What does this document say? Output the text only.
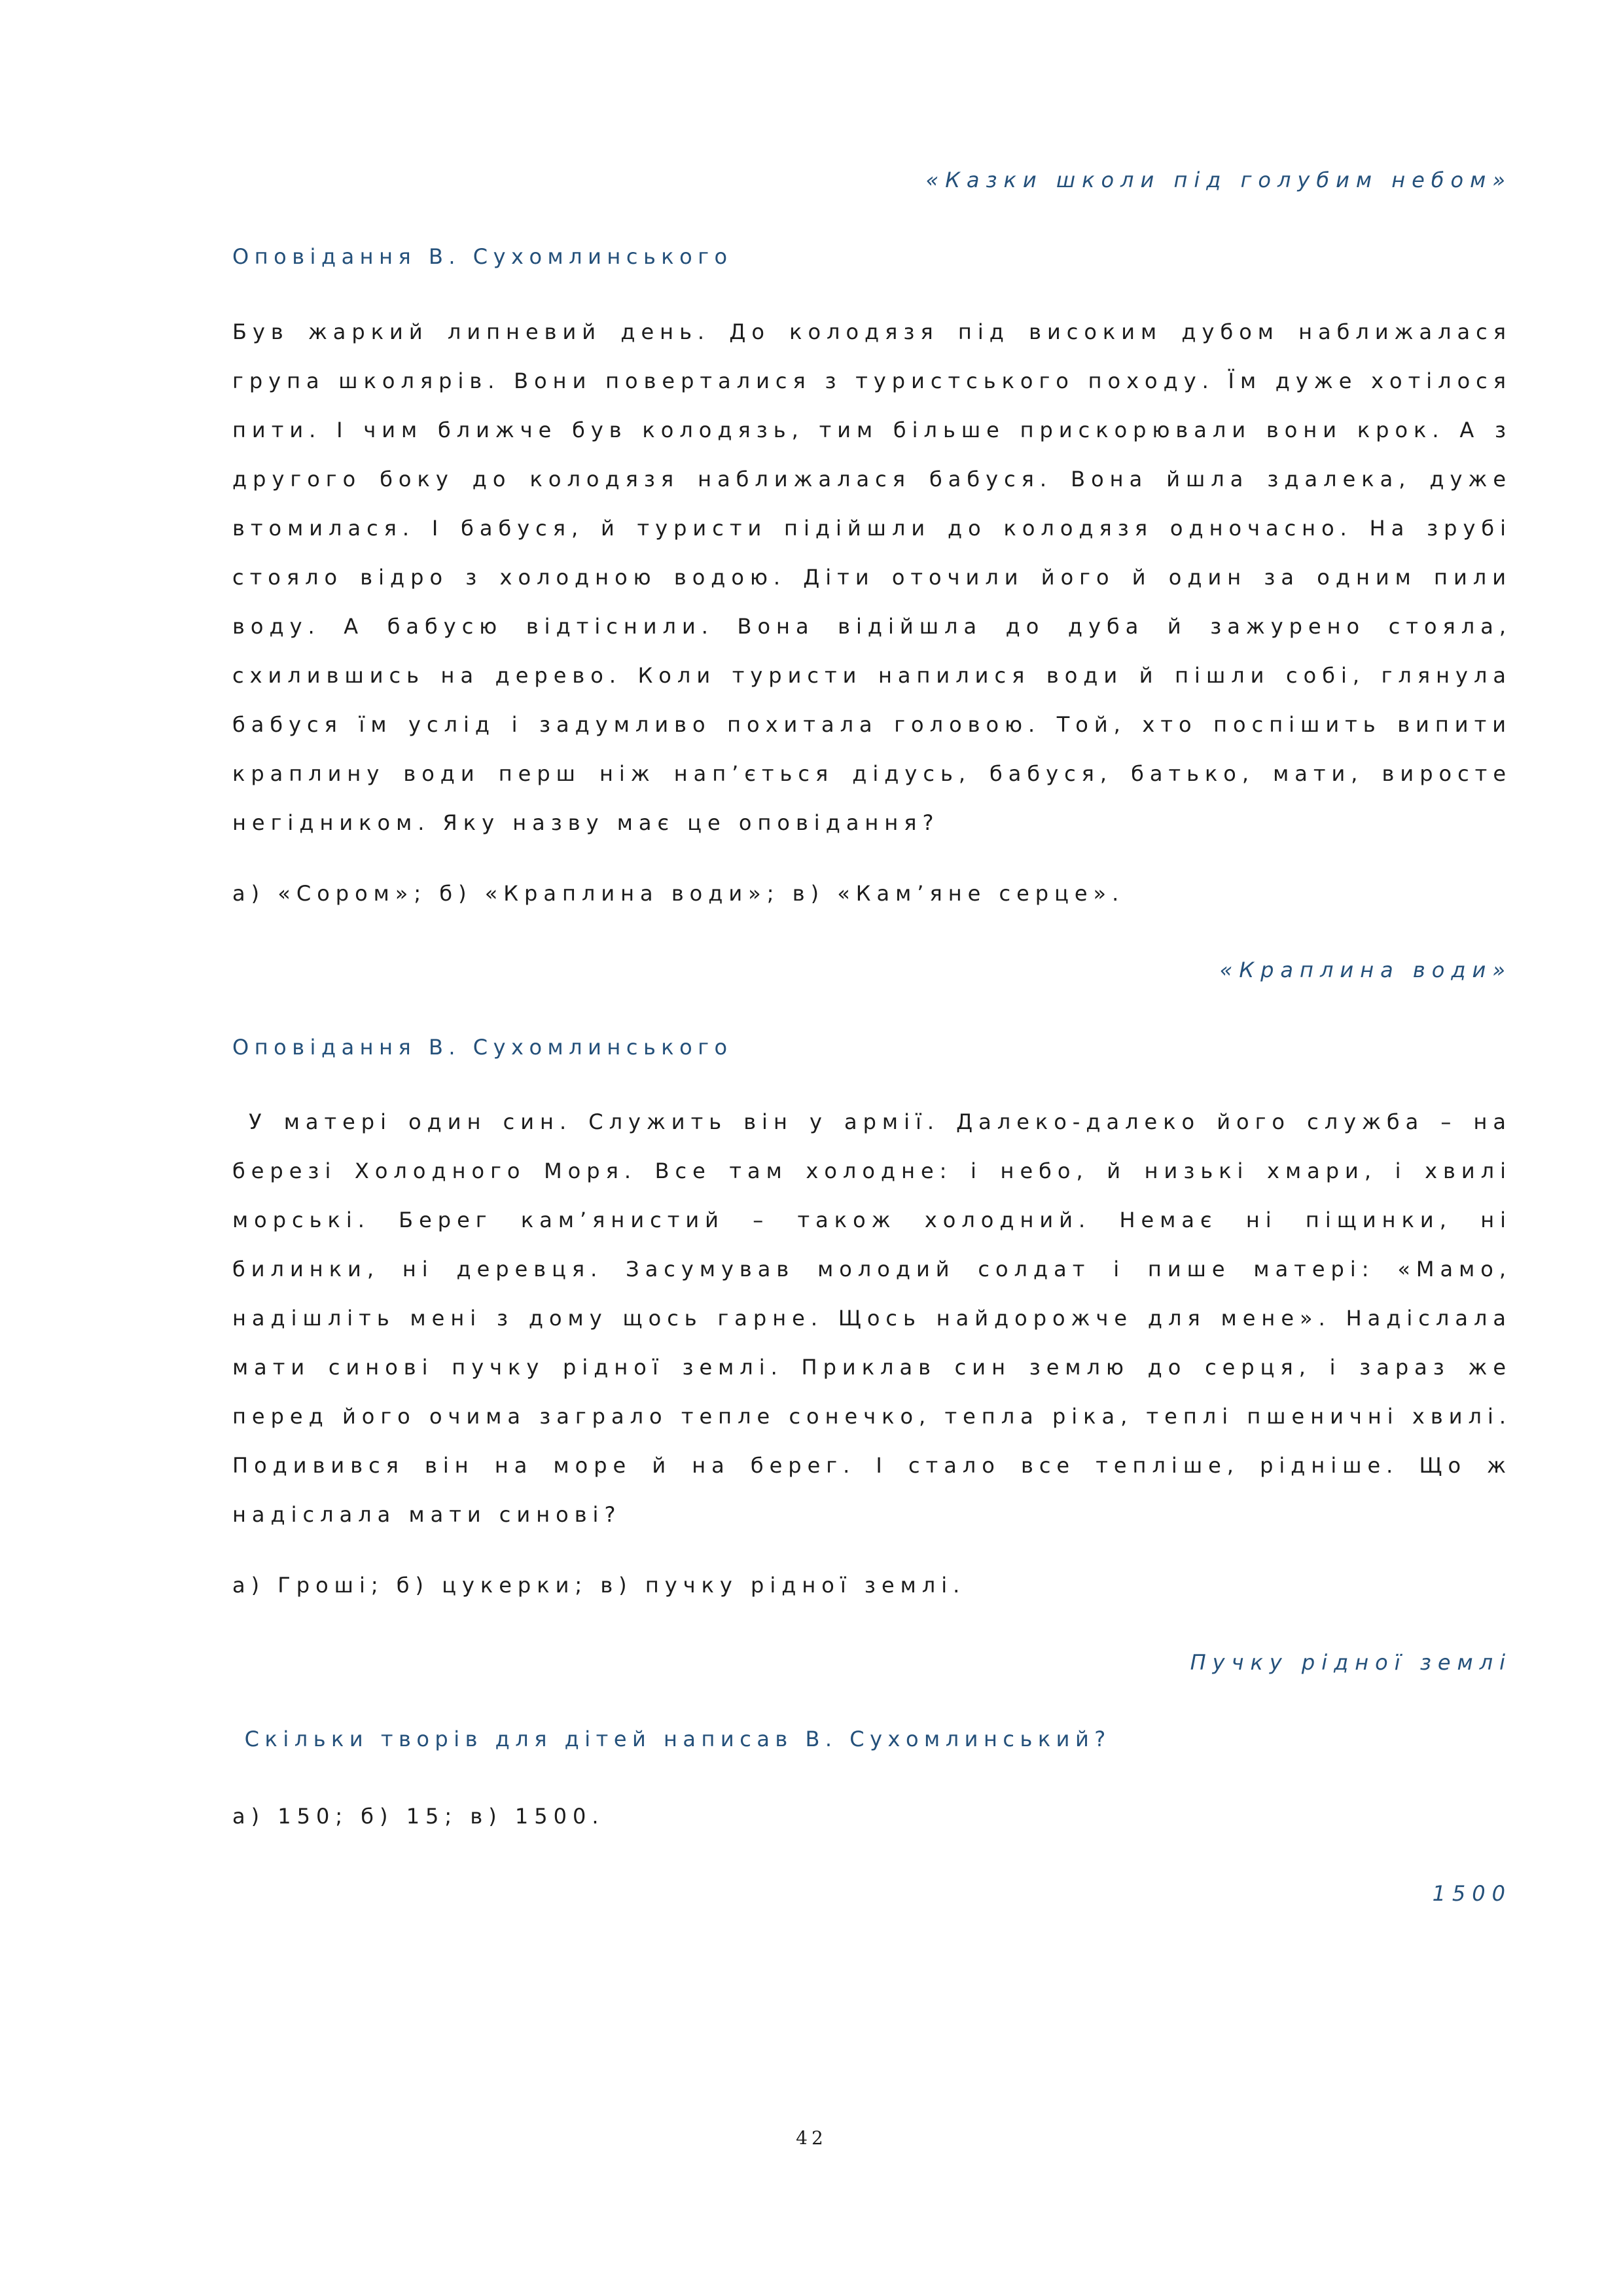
«Казки школи під голубим небом»
Оповідання В. Сухомлинського
Був жаркий липневий день. До колодязя під високим дубом наближалася група школярів. Вони поверталися з туристського походу. Їм дуже хотілося пити. І чим ближче був колодязь, тим більше прискорювали вони крок. А з другого боку до колодязя наближалася бабуся. Вона йшла здалека, дуже втомилася. І бабуся, й туристи підійшли до колодязя одночасно. На зрубі стояло відро з холодною водою. Діти оточили його й один за одним пили воду. А бабусю відтіснили. Вона відійшла до дуба й зажурено стояла, схилившись на дерево. Коли туристи напилися води й пішли собі, глянула бабуся їм услід і задумливо похитала головою. Той, хто поспішить випити краплину води перш ніж нап’ється дідусь, бабуся, батько, мати, виросте негідником. Яку назву має це оповідання?
а) «Сором»; б) «Краплина води»; в) «Кам’яне серце».
«Краплина води»
Оповідання В. Сухомлинського
У матері один син. Служить він у армії. Далеко-далеко його служба – на березі Холодного Моря. Все там холодне: і небо, й низькі хмари, і хвилі морські. Берег кам’янистий – також холодний. Немає ні піщинки, ні билинки, ні деревця. Засумував молодий солдат і пише матері: «Мамо, надішліть мені з дому щось гарне. Щось найдорожче для мене». Надіслала мати синові пучку рідної землі. Приклав син землю до серця, і зараз же перед його очима заграло тепле сонечко, тепла ріка, теплі пшеничні хвилі. Подивився він на море й на берег. І стало все тепліше, рідніше. Що ж надіслала мати синові?
а) Гроші; б) цукерки; в) пучку рідної землі.
Пучку рідної землі
Скільки творів для дітей написав В. Сухомлинський?
а) 150; б) 15; в) 1500.
1500
42
